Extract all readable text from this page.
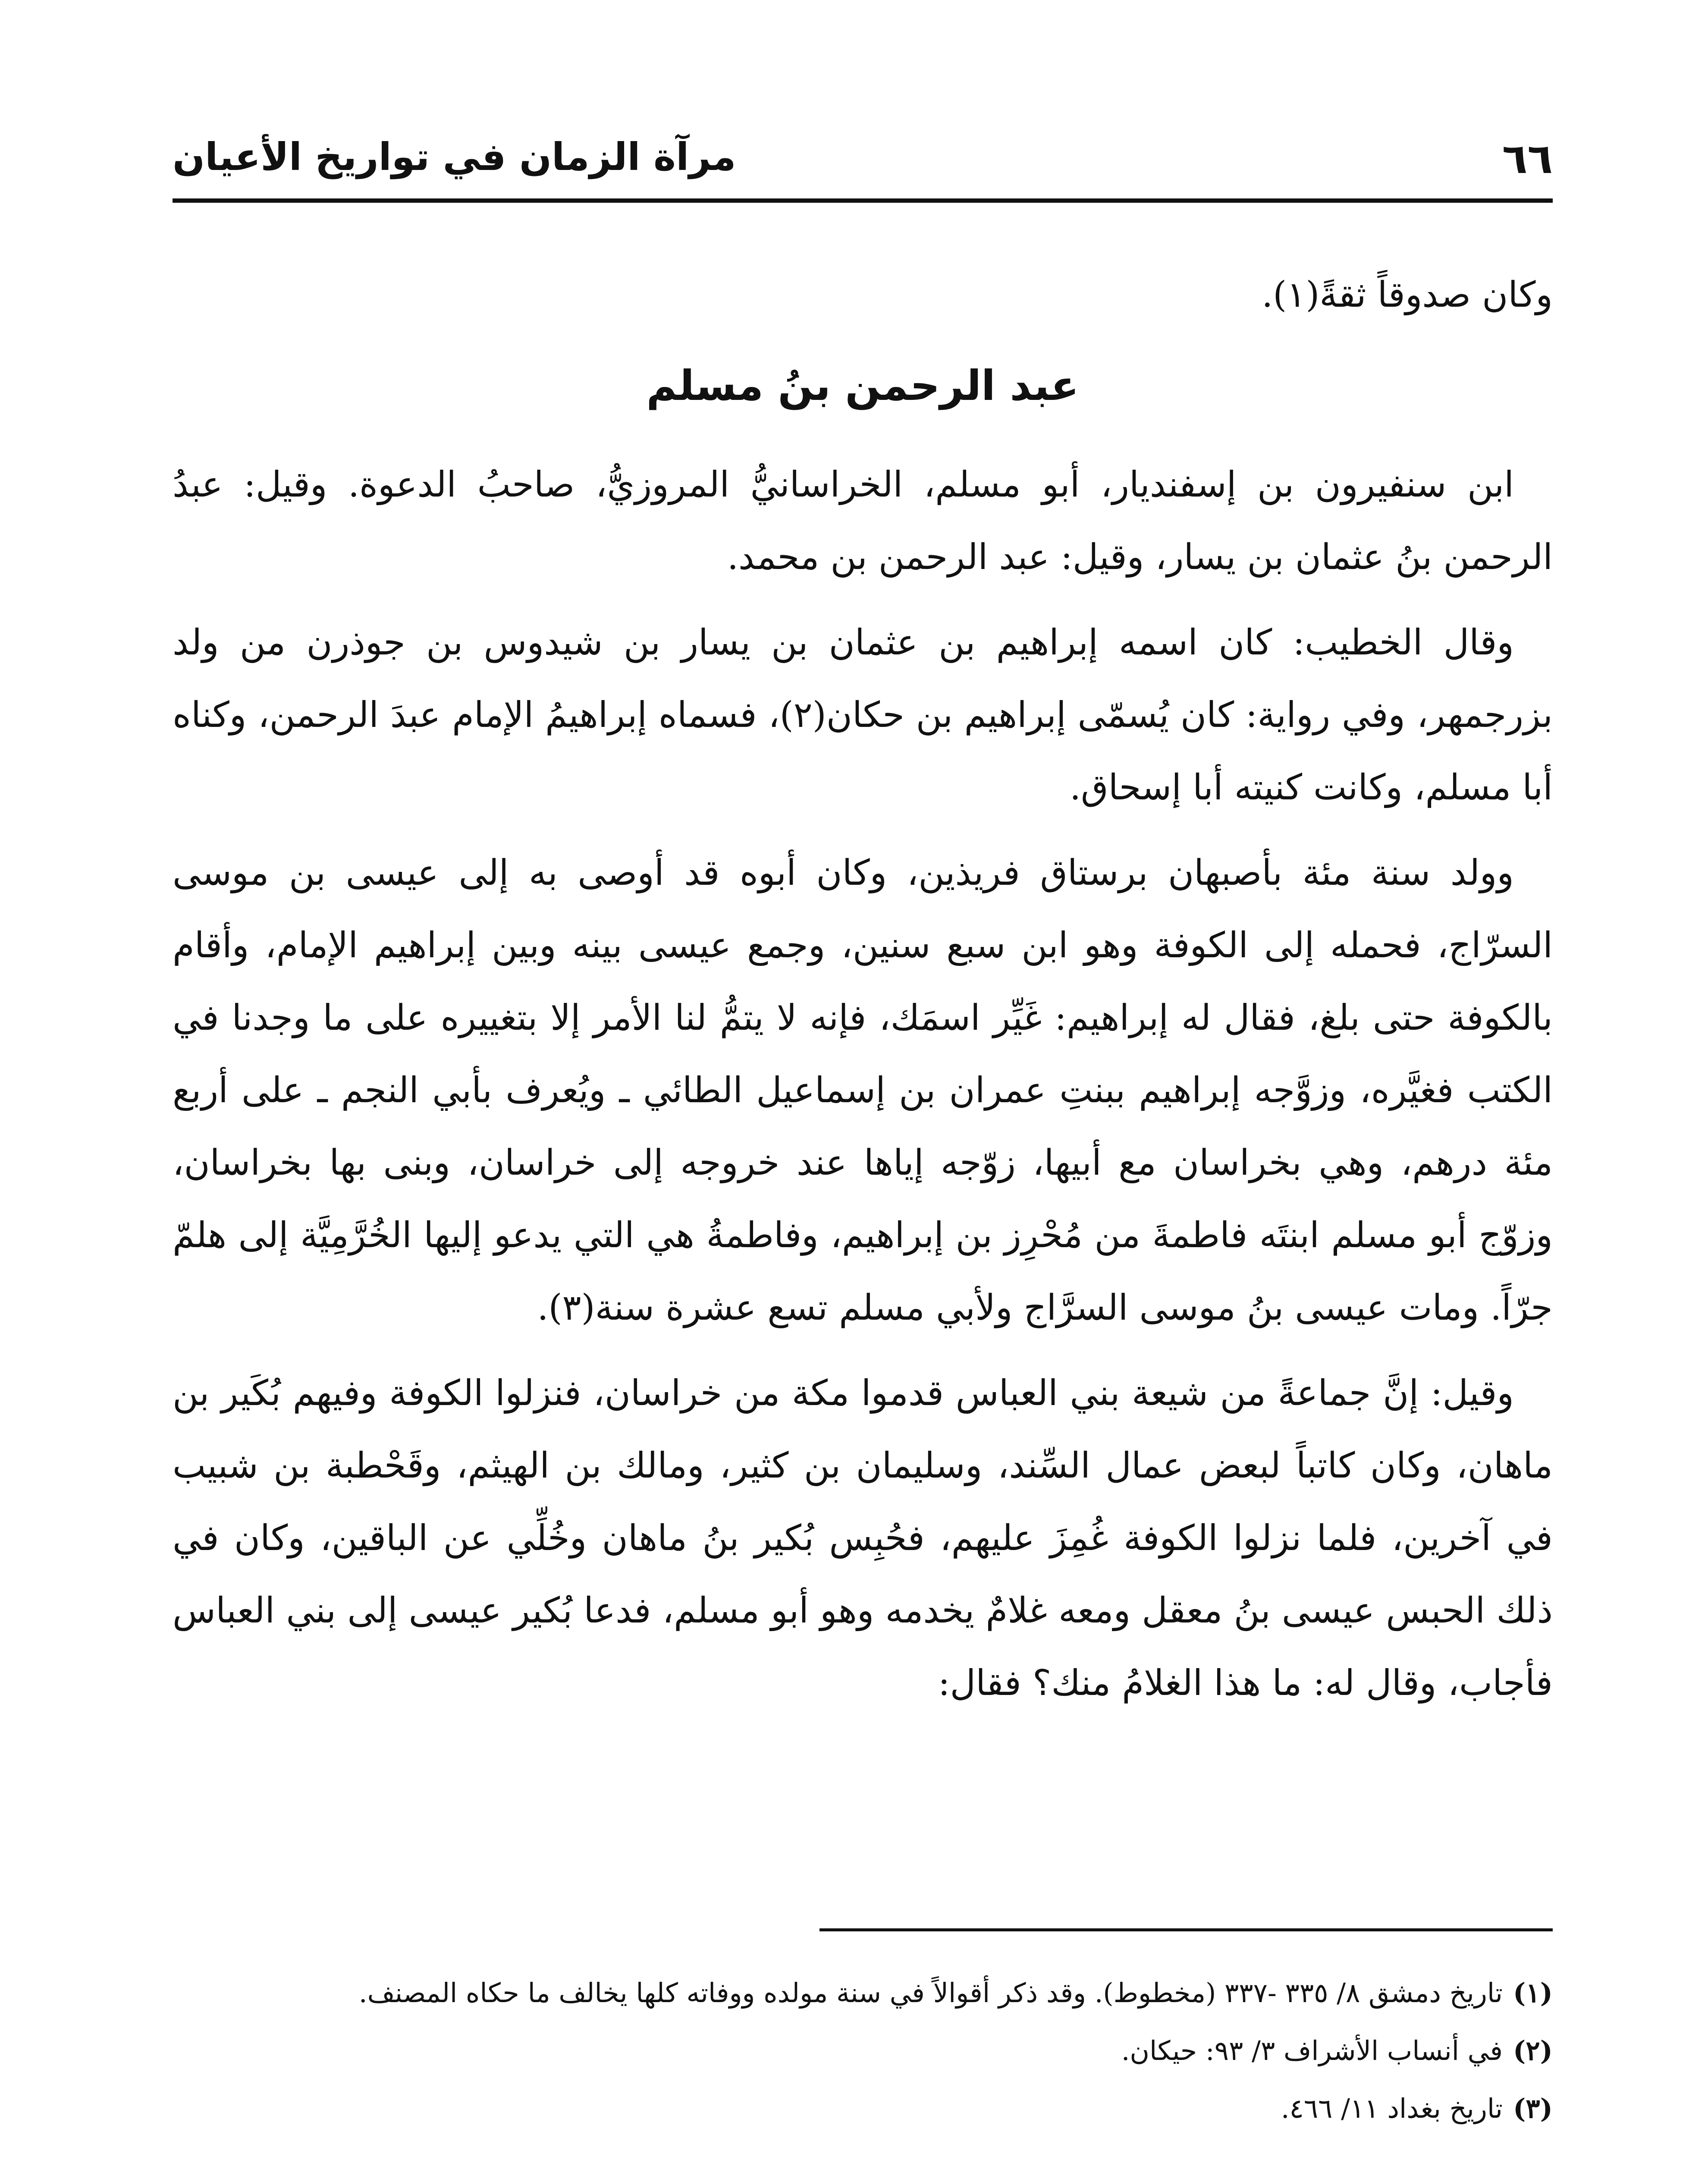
٦٦
مرآة الزمان في تواريخ الأعيان

وكان صدوقاً ثقةً(١).

عبد الرحمن بنُ مسلم

ابن سنفيرون بن إسفنديار، أبو مسلم، الخراسانيُّ المروزيُّ، صاحبُ الدعوة. وقيل: عبدُ الرحمن بنُ عثمان بن يسار، وقيل: عبد الرحمن بن محمد.

وقال الخطيب: كان اسمه إبراهيم بن عثمان بن يسار بن شيدوس بن جوذرن من ولد بزرجمهر، وفي رواية: كان يُسمّى إبراهيم بن حكان(٢)، فسماه إبراهيمُ الإمام عبدَ الرحمن، وكناه أبا مسلم، وكانت كنيته أبا إسحاق.

وولد سنة مئة بأصبهان برستاق فريذين، وكان أبوه قد أوصى به إلى عيسى بن موسى السرّاج، فحمله إلى الكوفة وهو ابن سبع سنين، وجمع عيسى بينه وبين إبراهيم الإمام، وأقام بالكوفة حتى بلغ، فقال له إبراهيم: غَيِّر اسمَك، فإنه لا يتمُّ لنا الأمر إلا بتغييره على ما وجدنا في الكتب فغيَّره، وزوَّجه إبراهيم ببنتِ عمران بن إسماعيل الطائي ـ ويُعرف بأبي النجم ـ على أربع مئة درهم، وهي بخراسان مع أبيها، زوّجه إياها عند خروجه إلى خراسان، وبنى بها بخراسان، وزوّج أبو مسلم ابنتَه فاطمةَ من مُحْرِز بن إبراهيم، وفاطمةُ هي التي يدعو إليها الخُرَّمِيَّة إلى هلمّ جرّاً. ومات عيسى بنُ موسى السرَّاج ولأبي مسلم تسع عشرة سنة(٣).

وقيل: إنَّ جماعةً من شيعة بني العباس قدموا مكة من خراسان، فنزلوا الكوفة وفيهم بُكَير بن ماهان، وكان كاتباً لبعض عمال السِّند، وسليمان بن كثير، ومالك بن الهيثم، وقَحْطبة بن شبيب في آخرين، فلما نزلوا الكوفة غُمِزَ عليهم، فحُبِس بُكير بنُ ماهان وخُلِّي عن الباقين، وكان في ذلك الحبس عيسى بنُ معقل ومعه غلامٌ يخدمه وهو أبو مسلم، فدعا بُكير عيسى إلى بني العباس فأجاب، وقال له: ما هذا الغلامُ منك؟ فقال:

(١)تاريخ دمشق ٨/ ٣٣٥ -٣٣٧ (مخطوط). وقد ذكر أقوالاً في سنة مولده ووفاته كلها يخالف ما حكاه المصنف.

(٢)في أنساب الأشراف ٣/ ٩٣: حيكان.

(٣)تاريخ بغداد ١١/ ٤٦٦.
